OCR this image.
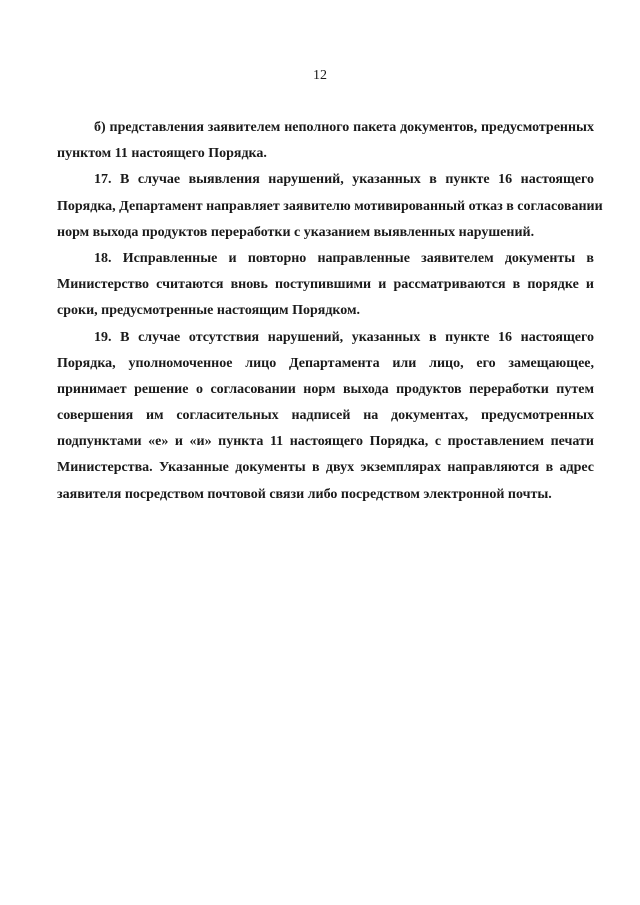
12
б) представления заявителем неполного пакета документов, предусмотренных
пунктом 11 настоящего Порядка.
17. В случае выявления нарушений, указанных в пункте 16 настоящего
Порядка, Департамент направляет заявителю мотивированный отказ в согласовании
норм выхода продуктов переработки с указанием выявленных нарушений.
18. Исправленные и повторно направленные заявителем документы в
Министерство считаются вновь поступившими и рассматриваются в порядке и
сроки, предусмотренные настоящим Порядком.
19. В случае отсутствия нарушений, указанных в пункте 16 настоящего
Порядка, уполномоченное лицо Департамента или лицо, его замещающее,
принимает решение о согласовании норм выхода продуктов переработки путем
совершения им согласительных надписей на документах, предусмотренных
подпунктами «е» и «и» пункта 11 настоящего Порядка, с проставлением печати
Министерства. Указанные документы в двух экземплярах направляются в адрес
заявителя посредством почтовой связи либо посредством электронной почты.
